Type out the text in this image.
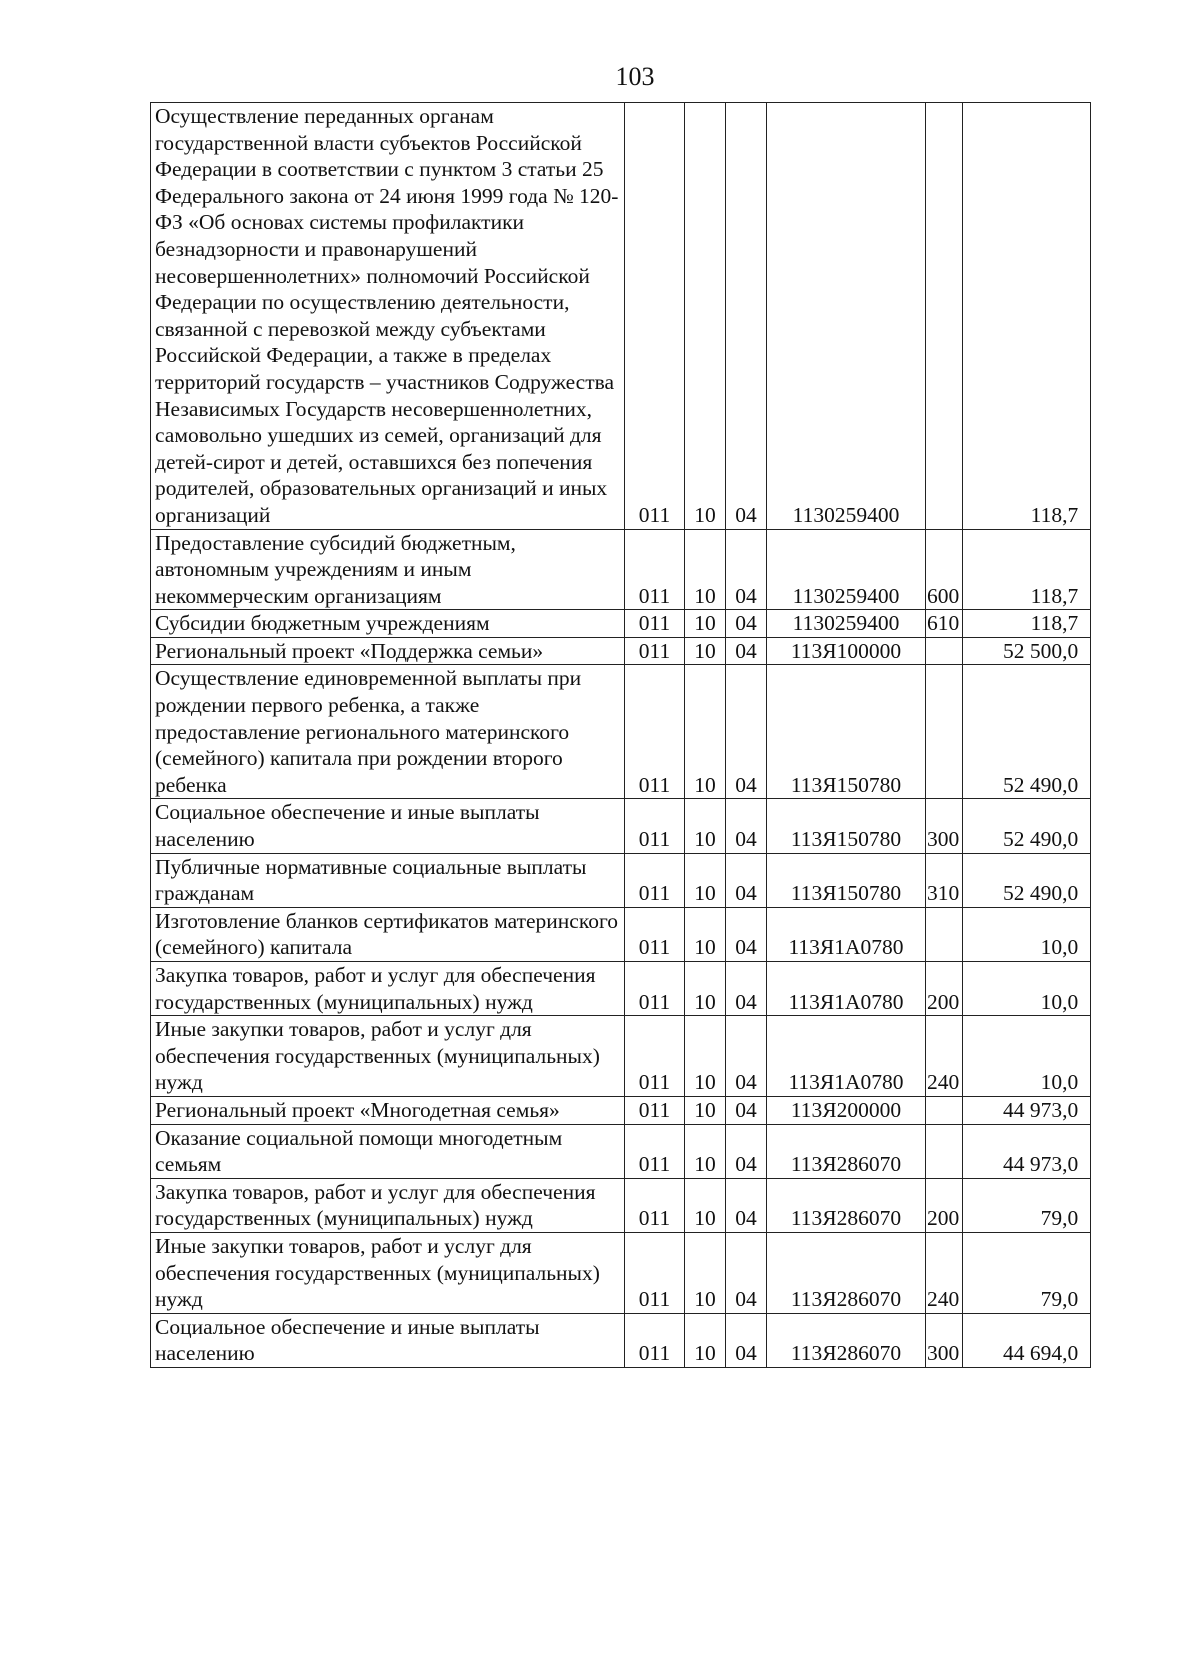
103
Осуществление переданных органам государственной власти субъектов Российской Федерации в соответствии с пунктом 3 статьи 25 Федерального закона от 24 июня 1999 года № 120-ФЗ «Об основах системы профилактики безнадзорности и правонарушений несовершеннолетних» полномочий Российской Федерации по осуществлению деятельности, связанной с перевозкой между субъектами Российской Федерации, а также в пределах территорий государств – участников Содружества Независимых Государств несовершеннолетних, самовольно ушедших из семей, организаций для детей-сирот и детей, оставшихся без попечения родителей, образовательных организаций и иных организаций	011	10	04	1130259400		118,7
Предоставление субсидий бюджетным, автономным учреждениям и иным некоммерческим организациям	011	10	04	1130259400	600	118,7
Субсидии бюджетным учреждениям	011	10	04	1130259400	610	118,7
Региональный проект «Поддержка семьи»	011	10	04	113Я100000		52 500,0
Осуществление единовременной выплаты при рождении первого ребенка, а также предоставление регионального материнского (семейного) капитала при рождении второго ребенка	011	10	04	113Я150780		52 490,0
Социальное обеспечение и иные выплаты населению	011	10	04	113Я150780	300	52 490,0
Публичные нормативные социальные выплаты гражданам	011	10	04	113Я150780	310	52 490,0
Изготовление бланков сертификатов материнского (семейного) капитала	011	10	04	113Я1А0780		10,0
Закупка товаров, работ и услуг для обеспечения государственных (муниципальных) нужд	011	10	04	113Я1А0780	200	10,0
Иные закупки товаров, работ и услуг для обеспечения государственных (муниципальных) нужд	011	10	04	113Я1А0780	240	10,0
Региональный проект «Многодетная семья»	011	10	04	113Я200000		44 973,0
Оказание социальной помощи многодетным семьям	011	10	04	113Я286070		44 973,0
Закупка товаров, работ и услуг для обеспечения государственных (муниципальных) нужд	011	10	04	113Я286070	200	79,0
Иные закупки товаров, работ и услуг для обеспечения государственных (муниципальных) нужд	011	10	04	113Я286070	240	79,0
Социальное обеспечение и иные выплаты населению	011	10	04	113Я286070	300	44 694,0
